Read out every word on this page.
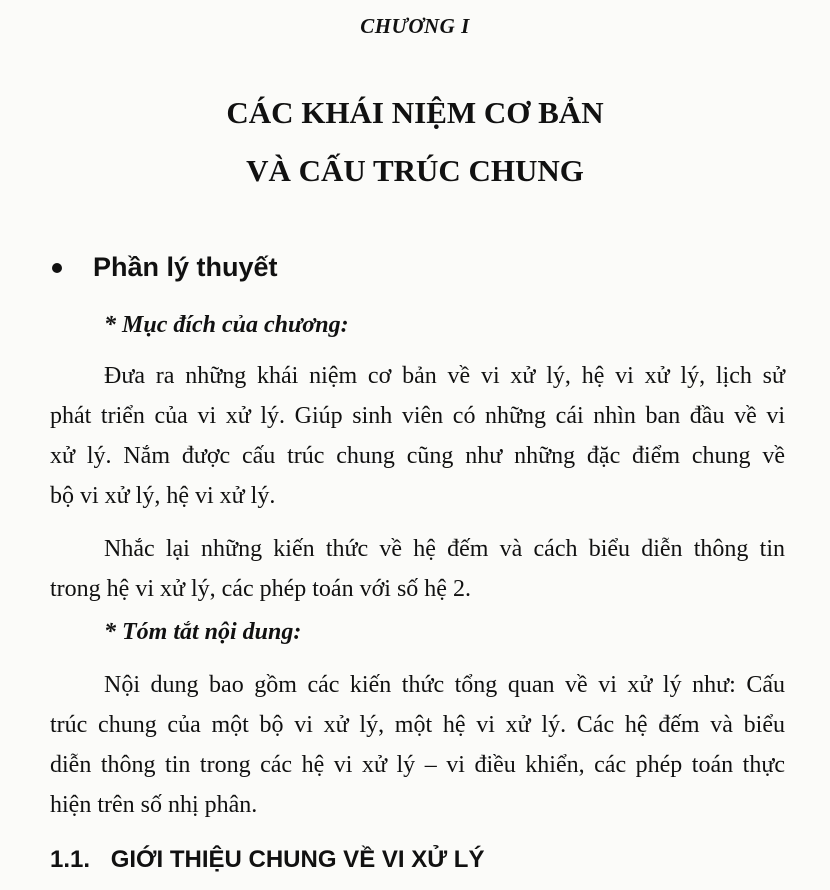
CHƯƠNG I
CÁC KHÁI NIỆM CƠ BẢN
VÀ CẤU TRÚC CHUNG
Phần lý thuyết
* Mục đích của chương:
Đưa ra những khái niệm cơ bản về vi xử lý, hệ vi xử lý, lịch sử
phát triển của vi xử lý. Giúp sinh viên có những cái nhìn ban đầu về vi
xử lý. Nắm được cấu trúc chung cũng như những đặc điểm chung về
bộ vi xử lý, hệ vi xử lý.
Nhắc lại những kiến thức về hệ đếm và cách biểu diễn thông tin
trong hệ vi xử lý, các phép toán với số hệ 2.
* Tóm tắt nội dung:
Nội dung bao gồm các kiến thức tổng quan về vi xử lý như: Cấu
trúc chung của một bộ vi xử lý, một hệ vi xử lý. Các hệ đếm và biểu
diễn thông tin trong các hệ vi xử lý – vi điều khiển, các phép toán thực
hiện trên số nhị phân.
1.1. GIỚI THIỆU CHUNG VỀ VI XỬ LÝ
